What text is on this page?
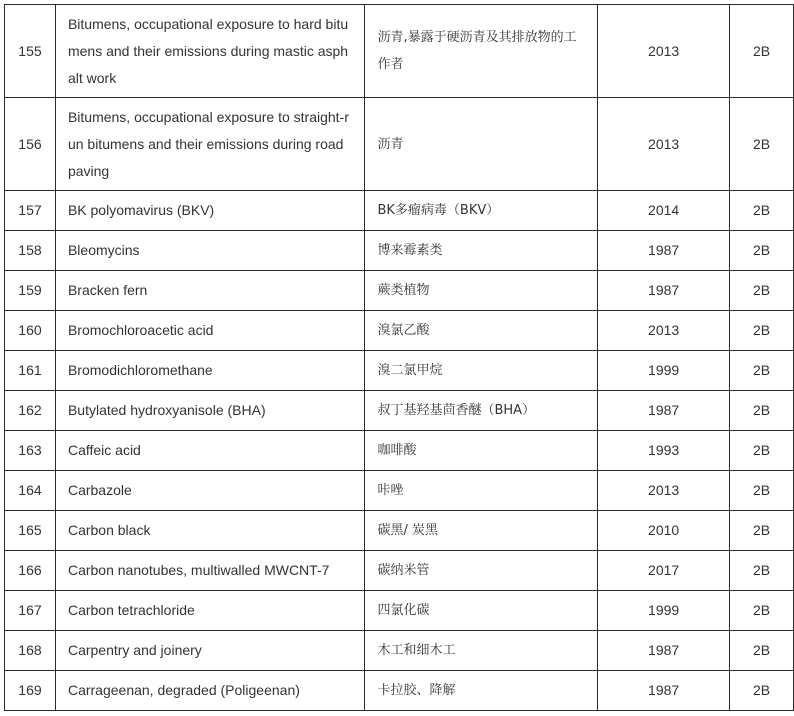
155	Bitumens, occupational exposure to hard bitumens and their emissions during mastic asphalt work	沥青,暴露于硬沥青及其排放物的工作者	2013	2B
156	Bitumens, occupational exposure to straight-run bitumens and their emissions during road paving	沥青	2013	2B
157	BK polyomavirus (BKV)	BK多瘤病毒（BKV）	2014	2B
158	Bleomycins	博来霉素类	1987	2B
159	Bracken fern	蕨类植物	1987	2B
160	Bromochloroacetic acid	溴氯乙酸	2013	2B
161	Bromodichloromethane	溴二氯甲烷	1999	2B
162	Butylated hydroxyanisole (BHA)	叔丁基羟基茴香醚（BHA）	1987	2B
163	Caffeic acid	咖啡酸	1993	2B
164	Carbazole	咔唑	2013	2B
165	Carbon black	碳黑/ 炭黑	2010	2B
166	Carbon nanotubes, multiwalled MWCNT-7	碳纳米管	2017	2B
167	Carbon tetrachloride	四氯化碳	1999	2B
168	Carpentry and joinery	木工和细木工	1987	2B
169	Carrageenan, degraded (Poligeenan)	卡拉胶、降解	1987	2B
